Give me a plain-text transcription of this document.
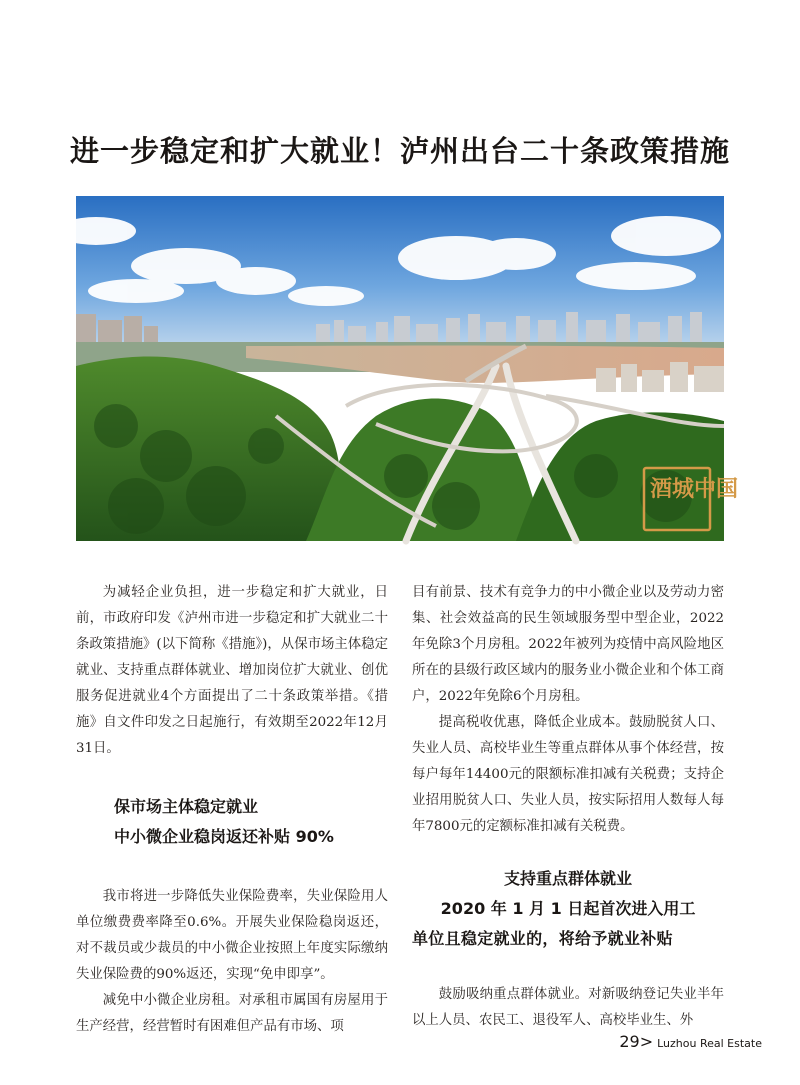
进一步稳定和扩大就业！泸州出台二十条政策措施
酒城中国

为减轻企业负担，进一步稳定和扩大就业，日前，市政府印发《泸州市进一步稳定和扩大就业二十条政策措施》(以下简称《措施》)，从保市场主体稳定就业、支持重点群体就业、增加岗位扩大就业、创优服务促进就业4个方面提出了二十条政策举措。《措施》自文件印发之日起施行，有效期至2022年12月31日。

保市场主体稳定就业

中小微企业稳岗返还补贴 90%

我市将进一步降低失业保险费率，失业保险用人单位缴费费率降至0.6%。开展失业保险稳岗返还，对不裁员或少裁员的中小微企业按照上年度实际缴纳失业保险费的90%返还，实现“免申即享”。

减免中小微企业房租。对承租市属国有房屋用于生产经营，经营暂时有困难但产品有市场、项

目有前景、技术有竞争力的中小微企业以及劳动力密集、社会效益高的民生领域服务型中型企业，2022年免除3个月房租。2022年被列为疫情中高风险地区所在的县级行政区域内的服务业小微企业和个体工商户，2022年免除6个月房租。

提高税收优惠，降低企业成本。鼓励脱贫人口、失业人员、高校毕业生等重点群体从事个体经营，按每户每年14400元的限额标准扣减有关税费；支持企业招用脱贫人口、失业人员，按实际招用人数每人每年7800元的定额标准扣减有关税费。

支持重点群体就业

2020 年 1 月 1 日起首次进入用工

单位且稳定就业的，将给予就业补贴

鼓励吸纳重点群体就业。对新吸纳登记失业半年以上人员、农民工、退役军人、高校毕业生、外

29> Luzhou Real Estate
